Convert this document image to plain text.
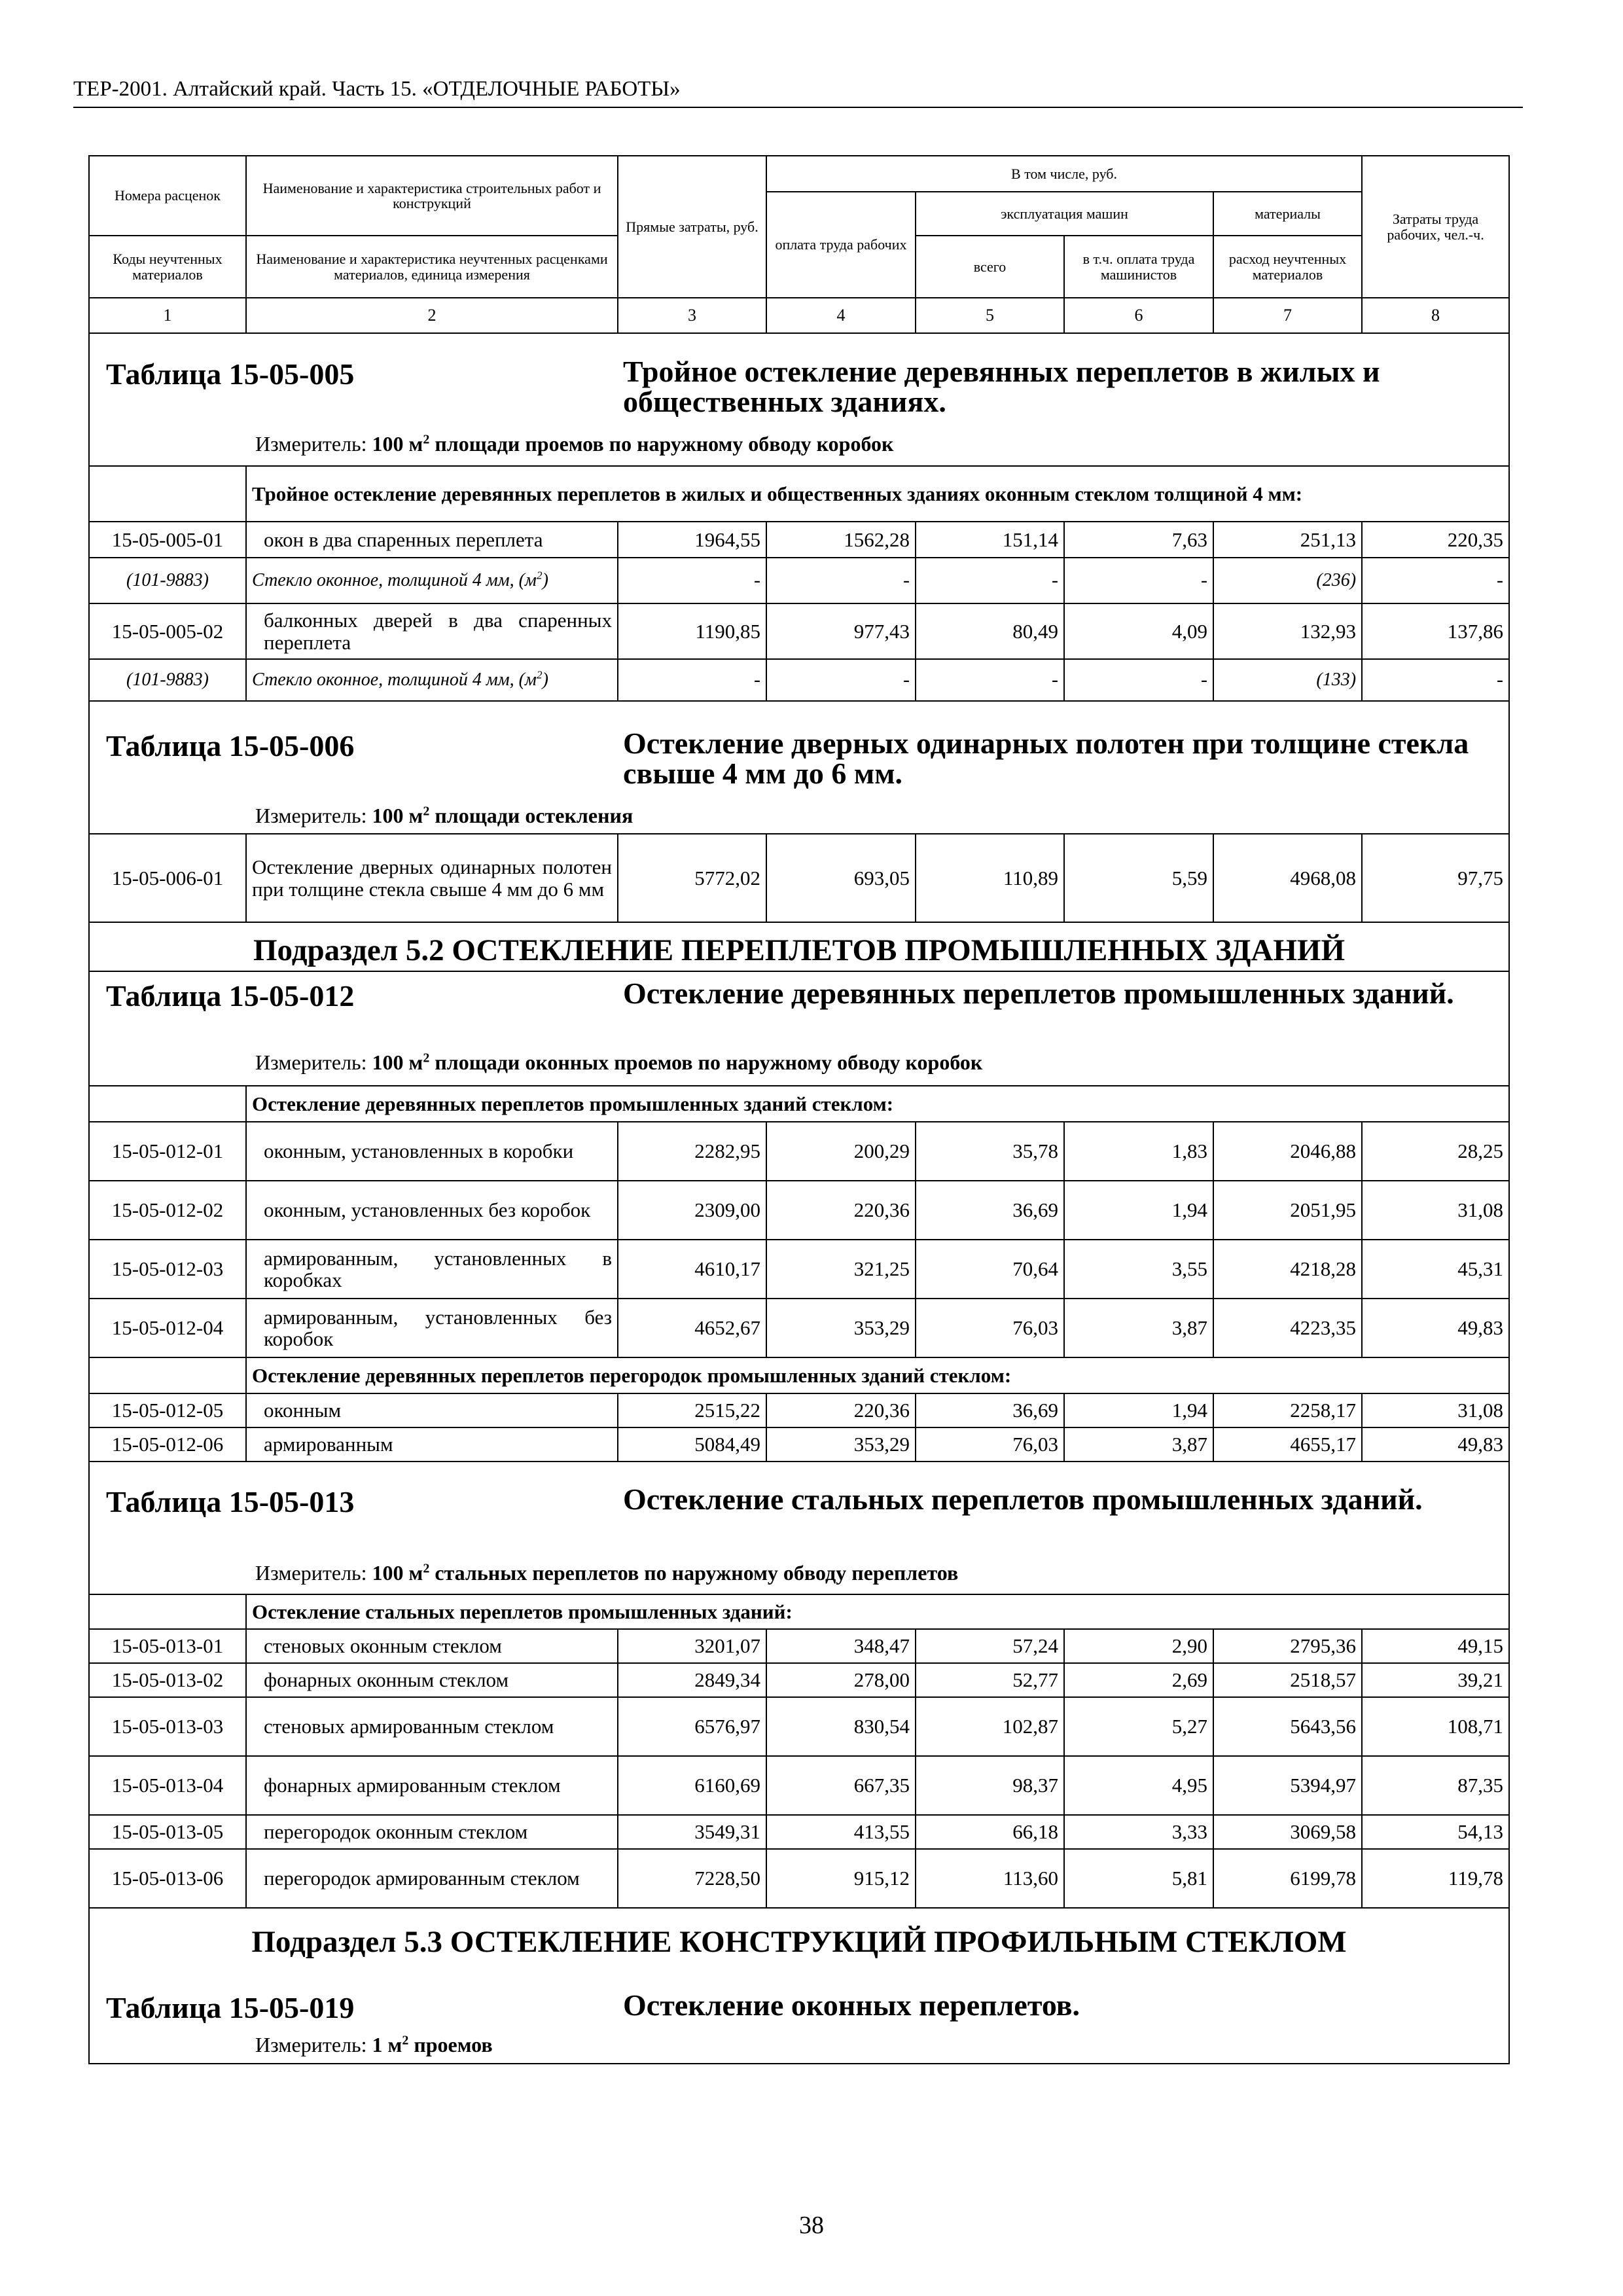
ТЕР-2001. Алтайский край. Часть 15. «ОТДЕЛОЧНЫЕ РАБОТЫ»
Номера расценок	Наименование и характеристика строительных работ и конструкций	Прямые затраты, руб.	В том числе, руб.				Затраты труда рабочих, чел.-ч.
			оплата труда рабочих	эксплуатация машин		материалы	
Коды неучтенных материалов	Наименование и характеристика неучтенных расценками материалов, единица измерения			всего	в т.ч. оплата труда машинистов	расход неучтенных материалов	
1	2	3	4	5	6	7	8

Таблица 15-05-005 Тройное остекление деревянных переплетов в жилых и общественных зданиях.
Измеритель: 100 $м^2$ площади проемов по наружному обводу коробок							

	Тройное остекление деревянных переплетов в жилых и общественных зданиях оконным стеклом толщиной 4 мм:						
15-05-005-01	окон в два спаренных переплета	1964,55	1562,28	151,14	7,63	251,13	220,35
(101-9883)	Стекло оконное, толщиной 4 мм, $(м^2)$	-	-	-	-	(236)	-
15-05-005-02	балконных дверей в два спаренных переплета	1190,85	977,43	80,49	4,09	132,93	137,86
(101-9883)	Стекло оконное, толщиной 4 мм, $(м^2)$	-	-	-	-	(133)	-

Таблица 15-05-006 Остекление дверных одинарных полотен при толщине стекла свыше 4 мм до 6 мм.
Измеритель: 100 $м^2$ площади остекления							

15-05-006-01	Остекление дверных одинарных полотен при толщине стекла свыше 4 мм до 6 мм	5772,02	693,05	110,89	5,59	4968,08	97,75

Подраздел 5.2 ОСТЕКЛЕНИЕ ПЕРЕПЛЕТОВ ПРОМЫШЛЕННЫХ ЗДАНИЙ							

Таблица 15-05-012 Остекление деревянных переплетов промышленных зданий.
Измеритель: 100 $м^2$ площади оконных проемов по наружному обводу коробок							

	Остекление деревянных переплетов промышленных зданий стеклом:						
15-05-012-01	оконным, установленных в коробки	2282,95	200,29	35,78	1,83	2046,88	28,25
15-05-012-02	оконным, установленных без коробок	2309,00	220,36	36,69	1,94	2051,95	31,08
15-05-012-03	армированным, установленных в коробках	4610,17	321,25	70,64	3,55	4218,28	45,31
15-05-012-04	армированным, установленных без коробок	4652,67	353,29	76,03	3,87	4223,35	49,83
	Остекление деревянных переплетов перегородок промышленных зданий стеклом:						
15-05-012-05	оконным	2515,22	220,36	36,69	1,94	2258,17	31,08
15-05-012-06	армированным	5084,49	353,29	76,03	3,87	4655,17	49,83

Таблица 15-05-013 Остекление стальных переплетов промышленных зданий.
Измеритель: 100 $м^2$ стальных переплетов по наружному обводу переплетов							

	Остекление стальных переплетов промышленных зданий:						
15-05-013-01	стеновых оконным стеклом	3201,07	348,47	57,24	2,90	2795,36	49,15
15-05-013-02	фонарных оконным стеклом	2849,34	278,00	52,77	2,69	2518,57	39,21
15-05-013-03	стеновых армированным стеклом	6576,97	830,54	102,87	5,27	5643,56	108,71
15-05-013-04	фонарных армированным стеклом	6160,69	667,35	98,37	4,95	5394,97	87,35
15-05-013-05	перегородок оконным стеклом	3549,31	413,55	66,18	3,33	3069,58	54,13
15-05-013-06	перегородок армированным стеклом	7228,50	915,12	113,60	5,81	6199,78	119,78

Подраздел 5.3 ОСТЕКЛЕНИЕ КОНСТРУКЦИЙ ПРОФИЛЬНЫМ СТЕКЛОМ
Таблица 15-05-019 Остекление оконных переплетов.
Измеритель: 1 $м^2$ проемов							
38
